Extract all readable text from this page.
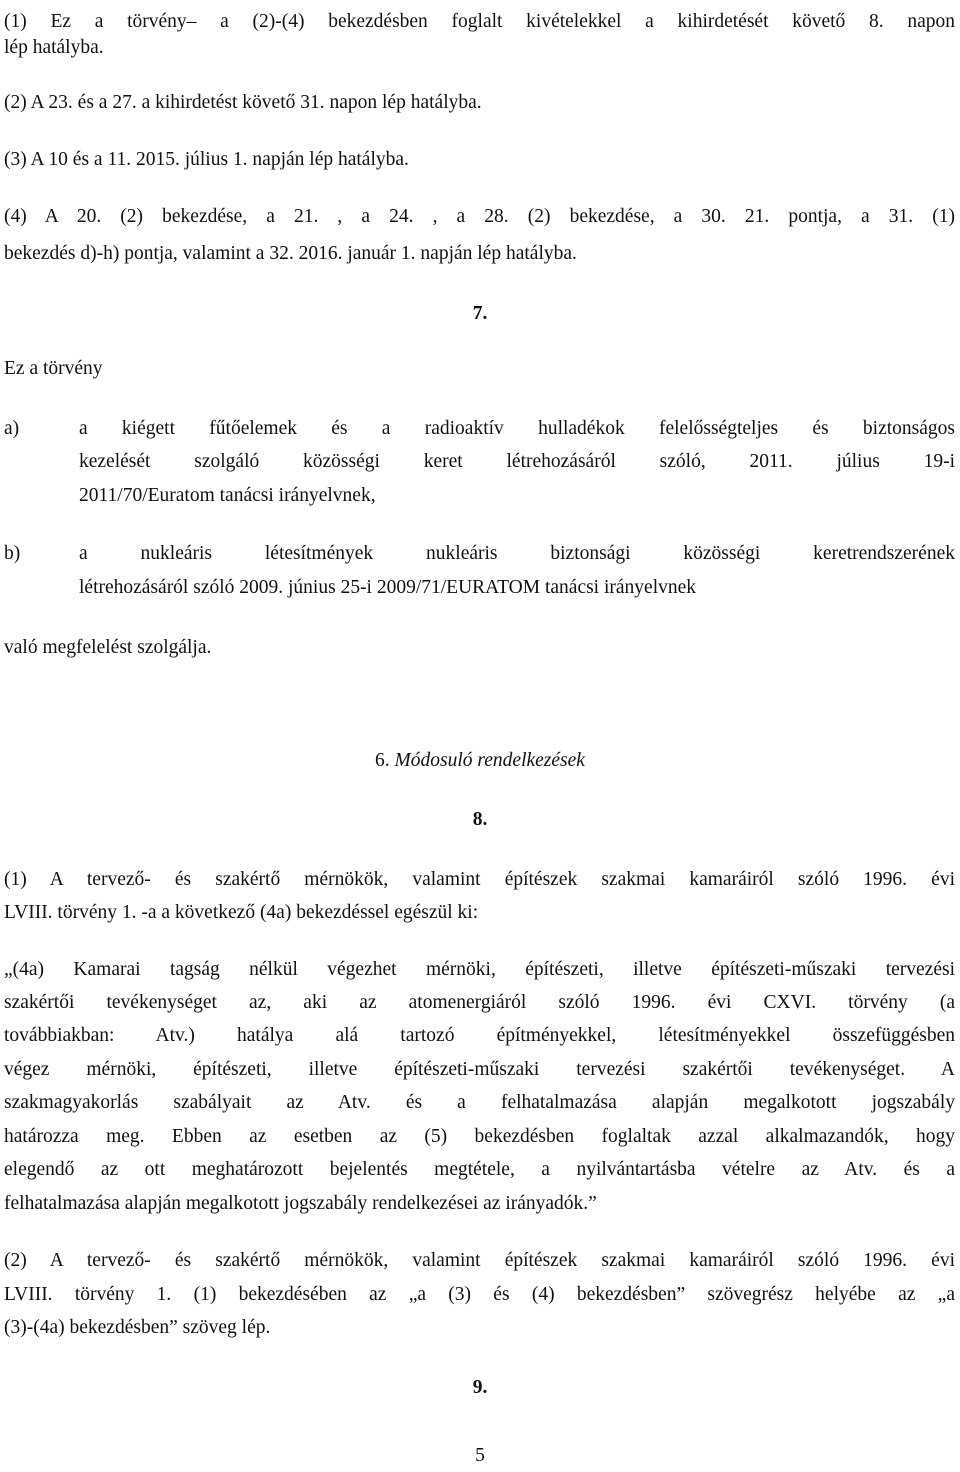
(1) Ez a törvény– a (2)-(4) bekezdésben foglalt kivételekkel a kihirdetését követő 8. napon
lép hatályba.
(2) A 23. és a 27. a kihirdetést követő 31. napon lép hatályba.
(3) A 10 és a 11. 2015. július 1. napján lép hatályba.
(4) A 20. (2) bekezdése, a 21. , a 24. , a 28. (2) bekezdése, a 30. 21. pontja, a 31. (1)
bekezdés d)-h) pontja, valamint a 32. 2016. január 1. napján lép hatályba.
7.
Ez a törvény
a)	a kiégett fűtőelemek és a radioaktív hulladékok felelősségteljes és biztonságos
kezelését szolgáló közösségi keret létrehozásáról szóló, 2011. július 19-i
2011/70/Euratom tanácsi irányelvnek,
b)	a nukleáris létesítmények nukleáris biztonsági közösségi keretrendszerének
létrehozásáról szóló 2009. június 25-i 2009/71/EURATOM tanácsi irányelvnek
való megfelelést szolgálja.
6. Módosuló rendelkezések
8.
(1) A tervező- és szakértő mérnökök, valamint építészek szakmai kamaráiról szóló 1996. évi
LVIII. törvény 1. -a a következő (4a) bekezdéssel egészül ki:
„(4a) Kamarai tagság nélkül végezhet mérnöki, építészeti, illetve építészeti-műszaki tervezési
szakértői tevékenységet az, aki az atomenergiáról szóló 1996. évi CXVI. törvény (a
továbbiakban: Atv.) hatálya alá tartozó építményekkel, létesítményekkel összefüggésben
végez mérnöki, építészeti, illetve építészeti-műszaki tervezési szakértői tevékenységet. A
szakmagyakorlás szabályait az Atv. és a felhatalmazása alapján megalkotott jogszabály
határozza meg. Ebben az esetben az (5) bekezdésben foglaltak azzal alkalmazandók, hogy
elegendő az ott meghatározott bejelentés megtétele, a nyilvántartásba vételre az Atv. és a
felhatalmazása alapján megalkotott jogszabály rendelkezései az irányadók.”
(2) A tervező- és szakértő mérnökök, valamint építészek szakmai kamaráiról szóló 1996. évi
LVIII. törvény 1. (1) bekezdésében az „a (3) és (4) bekezdésben” szövegrész helyébe az „a
(3)-(4a) bekezdésben” szöveg lép.
9.
5
